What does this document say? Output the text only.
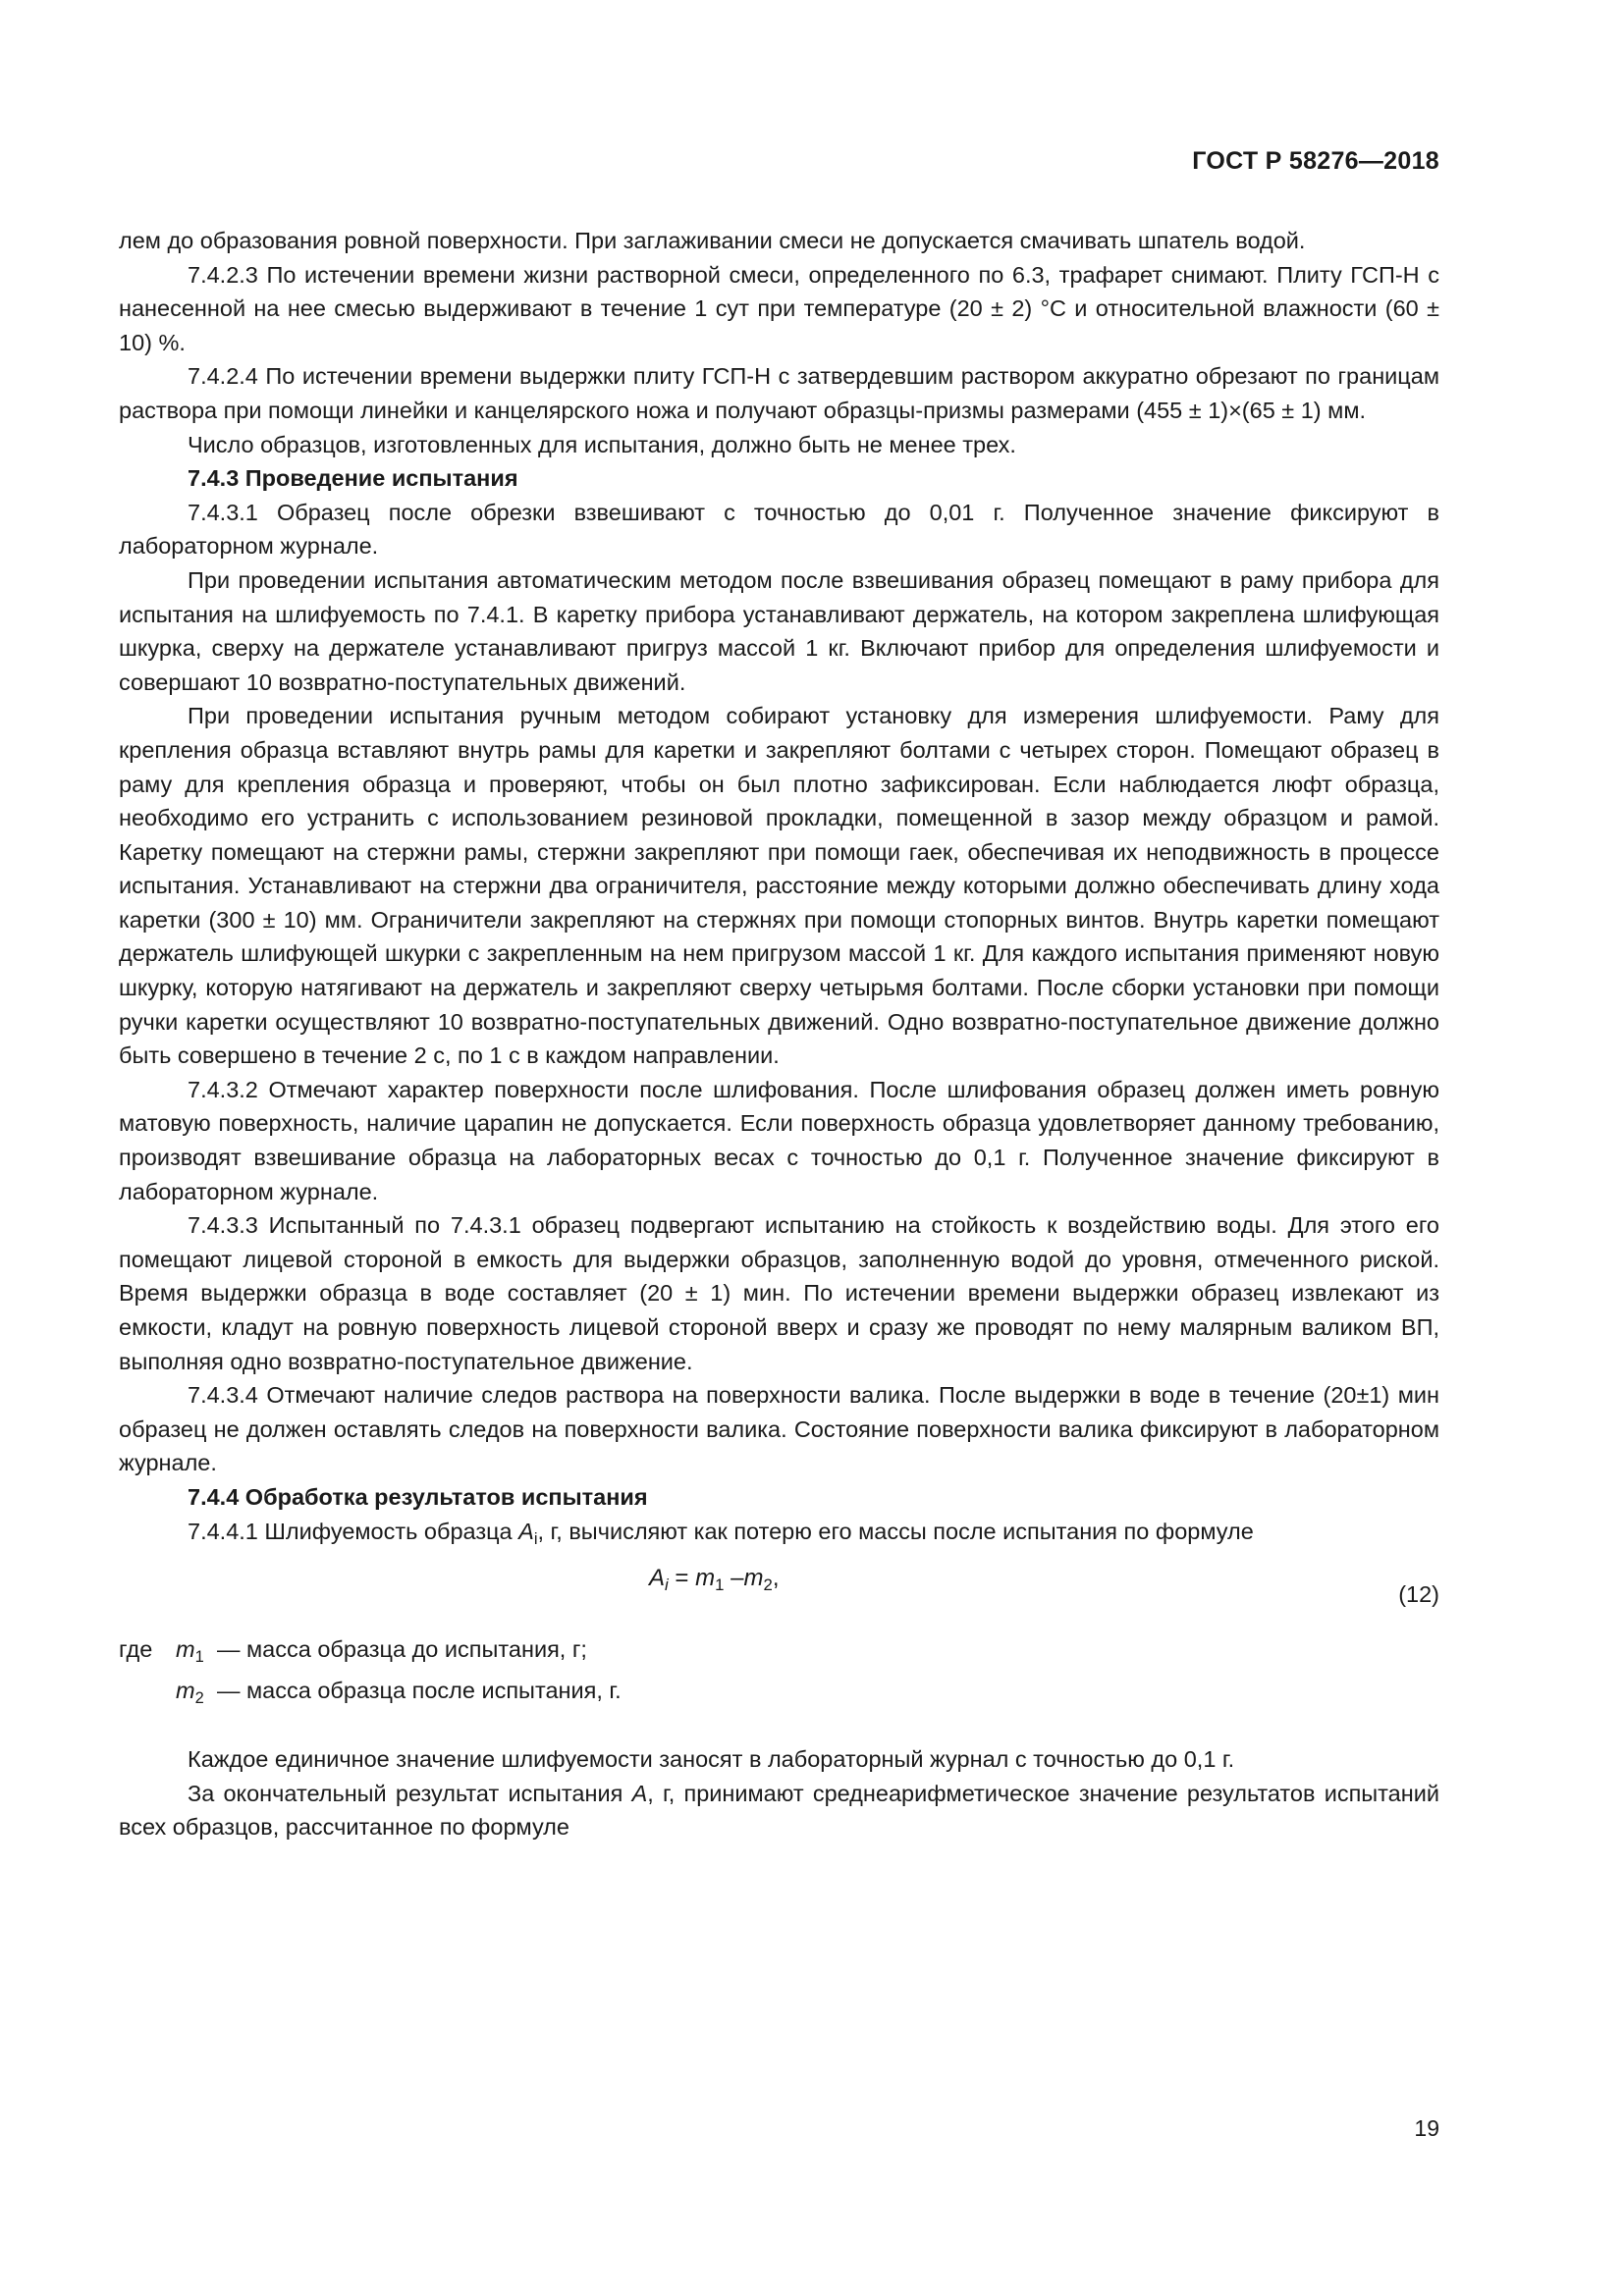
ГОСТ Р 58276—2018

лем до образования ровной поверхности. При заглаживании смеси не допускается смачивать шпатель водой.

7.4.2.3 По истечении времени жизни растворной смеси, определенного по 6.3, трафарет снимают. Плиту ГСП-Н с нанесенной на нее смесью выдерживают в течение 1 сут при температуре (20 ± 2) °С и относительной влажности (60 ± 10) %.

7.4.2.4 По истечении времени выдержки плиту ГСП-Н с затвердевшим раствором аккуратно обрезают по границам раствора при помощи линейки и канцелярского ножа и получают образцы-призмы размерами (455 ± 1)×(65 ± 1) мм.

Число образцов, изготовленных для испытания, должно быть не менее трех.

7.4.3 Проведение испытания

7.4.3.1 Образец после обрезки взвешивают с точностью до 0,01 г. Полученное значение фиксируют в лабораторном журнале.

При проведении испытания автоматическим методом после взвешивания образец помещают в раму прибора для испытания на шлифуемость по 7.4.1. В каретку прибора устанавливают держатель, на котором закреплена шлифующая шкурка, сверху на держателе устанавливают пригруз массой 1 кг. Включают прибор для определения шлифуемости и совершают 10 возвратно-поступательных движений.

При проведении испытания ручным методом собирают установку для измерения шлифуемости. Раму для крепления образца вставляют внутрь рамы для каретки и закрепляют болтами с четырех сторон. Помещают образец в раму для крепления образца и проверяют, чтобы он был плотно зафиксирован. Если наблюдается люфт образца, необходимо его устранить с использованием резиновой прокладки, помещенной в зазор между образцом и рамой. Каретку помещают на стержни рамы, стержни закрепляют при помощи гаек, обеспечивая их неподвижность в процессе испытания. Устанавливают на стержни два ограничителя, расстояние между которыми должно обеспечивать длину хода каретки (300 ± 10) мм. Ограничители закрепляют на стержнях при помощи стопорных винтов. Внутрь каретки помещают держатель шлифующей шкурки с закрепленным на нем пригрузом массой 1 кг. Для каждого испытания применяют новую шкурку, которую натягивают на держатель и закрепляют сверху четырьмя болтами. После сборки установки при помощи ручки каретки осуществляют 10 возвратно-поступательных движений. Одно возвратно-поступательное движение должно быть совершено в течение 2 с, по 1 с в каждом направлении.

7.4.3.2 Отмечают характер поверхности после шлифования. После шлифования образец должен иметь ровную матовую поверхность, наличие царапин не допускается. Если поверхность образца удовлетворяет данному требованию, производят взвешивание образца на лабораторных весах с точностью до 0,1 г. Полученное значение фиксируют в лабораторном журнале.

7.4.3.3 Испытанный по 7.4.3.1 образец подвергают испытанию на стойкость к воздействию воды. Для этого его помещают лицевой стороной в емкость для выдержки образцов, заполненную водой до уровня, отмеченного риской. Время выдержки образца в воде составляет (20 ± 1) мин. По истечении времени выдержки образец извлекают из емкости, кладут на ровную поверхность лицевой стороной вверх и сразу же проводят по нему малярным валиком ВП, выполняя одно возвратно-поступательное движение.

7.4.3.4 Отмечают наличие следов раствора на поверхности валика. После выдержки в воде в течение (20±1) мин образец не должен оставлять следов на поверхности валика. Состояние поверхности валика фиксируют в лабораторном журнале.

7.4.4 Обработка результатов испытания

7.4.4.1 Шлифуемость образца $A_i$, г, вычисляют как потерю его массы после испытания по формуле

$A_i = m_1$ $-m_2$,
(12)
где $m_1$ — масса образца до испытания, г;
$m_2$ — масса образца после испытания, г.

Каждое единичное значение шлифуемости заносят в лабораторный журнал с точностью до 0,1 г.

За окончательный результат испытания A, г, принимают среднеарифметическое значение результатов испытаний всех образцов, рассчитанное по формуле

19
